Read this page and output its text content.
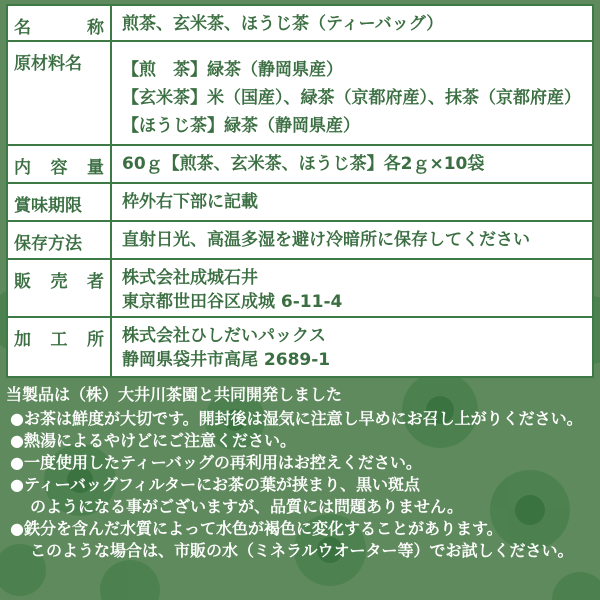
名	称 煎茶、玄米茶、ほうじ茶（ティーバッグ）
原材料名	【煎　茶】緑茶（静岡県産）
【玄米茶】米（国産）、緑茶（京都府産）、抹茶（京都府産）
【ほうじ茶】緑茶（静岡県産）
内 容 量 60ｇ【煎茶、玄米茶、ほうじ茶】各2ｇ×10袋
賞味期限	枠外右下部に記載
保存方法	直射日光、高温多湿を避け冷暗所に保存してください
販 売 者 株式会社成城石井
東京都世田谷区成城 6-11-4
加 工 所 株式会社ひしだいパックス
静岡県袋井市高尾 2689-1
当製品は（株）大井川茶園と共同開発しました
●お茶は鮮度が大切です。開封後は湿気に注意し早めにお召し上がりください。
●熱湯によるやけどにご注意ください。
●一度使用したティーバッグの再利用はお控えください。
●ティーバッグフィルターにお茶の葉が挟まり、黒い斑点
のようになる事がございますが、品質には問題ありません。
●鉄分を含んだ水質によって水色が褐色に変化することがあります。
このような場合は、市販の水（ミネラルウオーター等）でお試しください。
